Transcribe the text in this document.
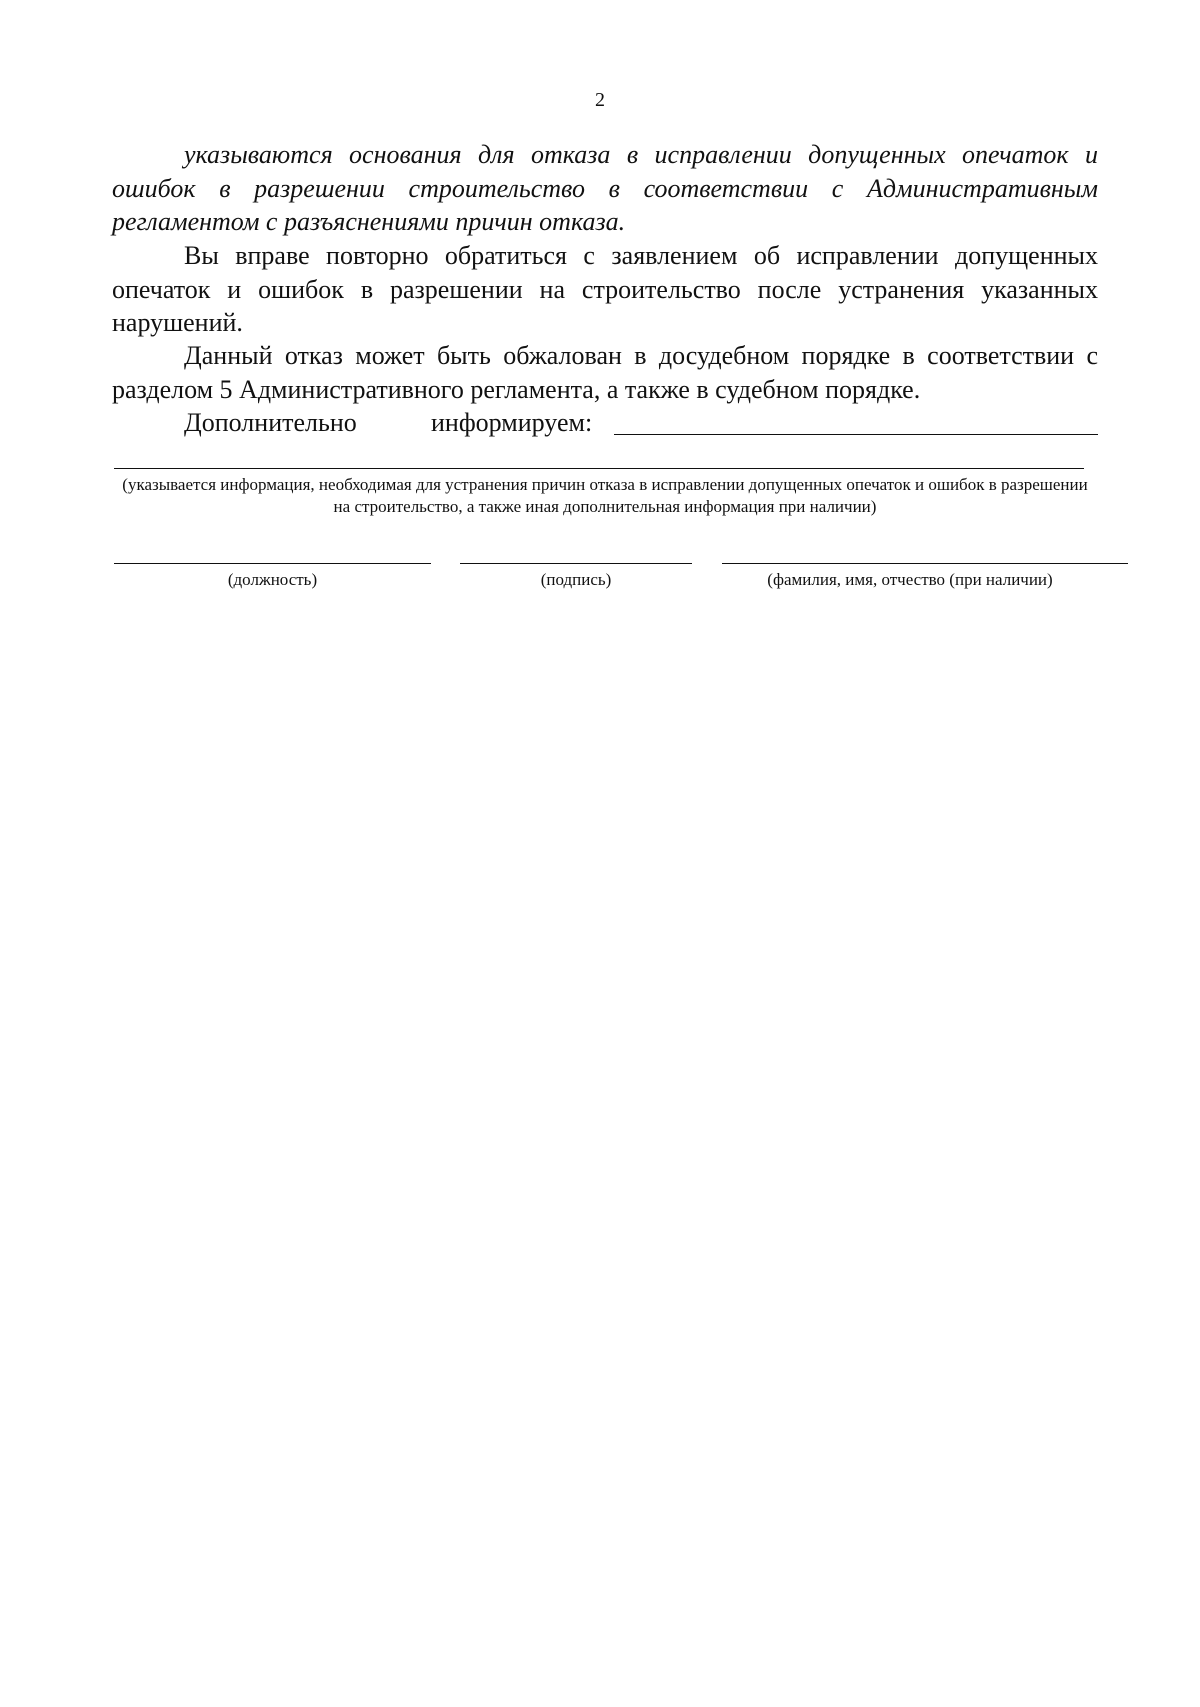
2

указываются основания для отказа в исправлении допущенных опечаток и ошибок в разрешении строительство в соответствии с Административным регламентом с разъяснениями причин отказа.

Вы вправе повторно обратиться с заявлением об исправлении допущенных опечаток и ошибок в разрешении на строительство после устранения указанных нарушений.

Данный отказ может быть обжалован в досудебном порядке в соответствии с разделом 5 Административного регламента, а также в судебном порядке.

Дополнительно	информируем:
(указывается информация, необходимая для устранения причин отказа в исправлении допущенных опечаток и ошибок в разрешении на строительство, а также иная дополнительная информация при наличии)
(должность)	(подпись)	(фамилия, имя, отчество (при наличии)
